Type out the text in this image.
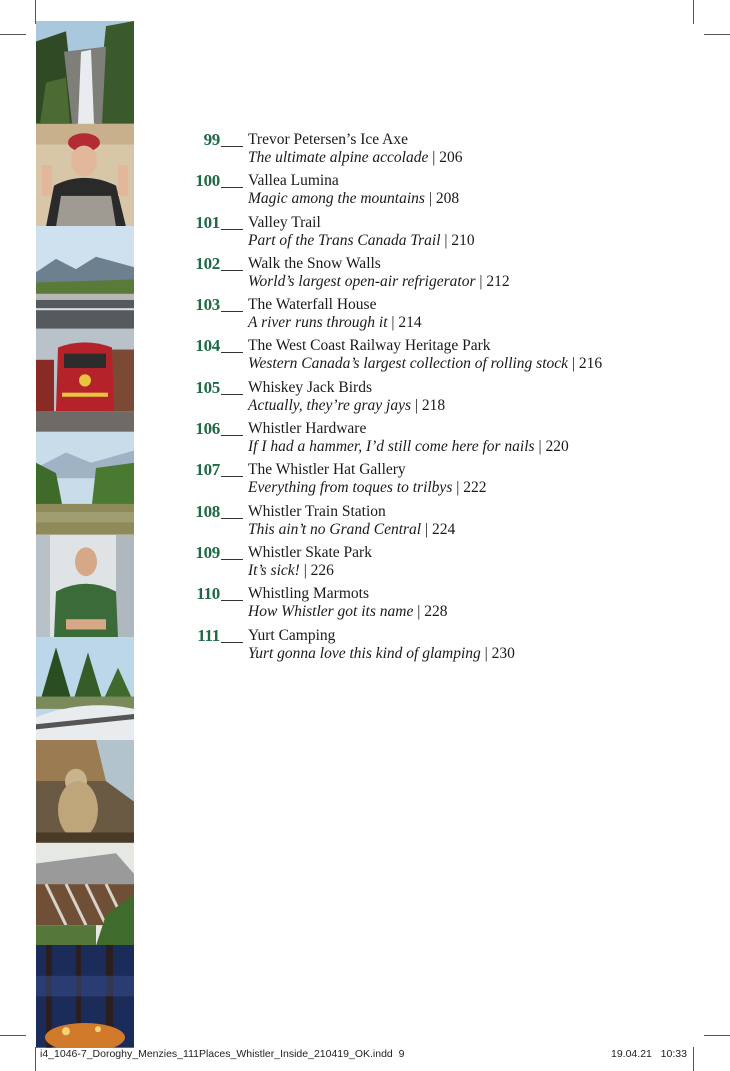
99 Trevor Petersen’s Ice Axe
The ultimate alpine accolade | 206
100 Vallea Lumina
Magic among the mountains | 208
101 Valley Trail
Part of the Trans Canada Trail | 210
102 Walk the Snow Walls
World’s largest open-air refrigerator | 212
103 The Waterfall House
A river runs through it | 214
104 The West Coast Railway Heritage Park
Western Canada’s largest collection of rolling stock | 216
105 Whiskey Jack Birds
Actually, they’re gray jays | 218
106 Whistler Hardware
If I had a hammer, I’d still come here for nails | 220
107 The Whistler Hat Gallery
Everything from toques to trilbys | 222
108 Whistler Train Station
This ain’t no Grand Central | 224
109 Whistler Skate Park
It’s sick! | 226
110 Whistling Marmots
How Whistler got its name | 228
111 Yurt Camping
Yurt gonna love this kind of glamping | 230
i4_1046-7_Doroghy_Menzies_111Places_Whistler_Inside_210419_OK.indd 9	19.04.21 10:33
